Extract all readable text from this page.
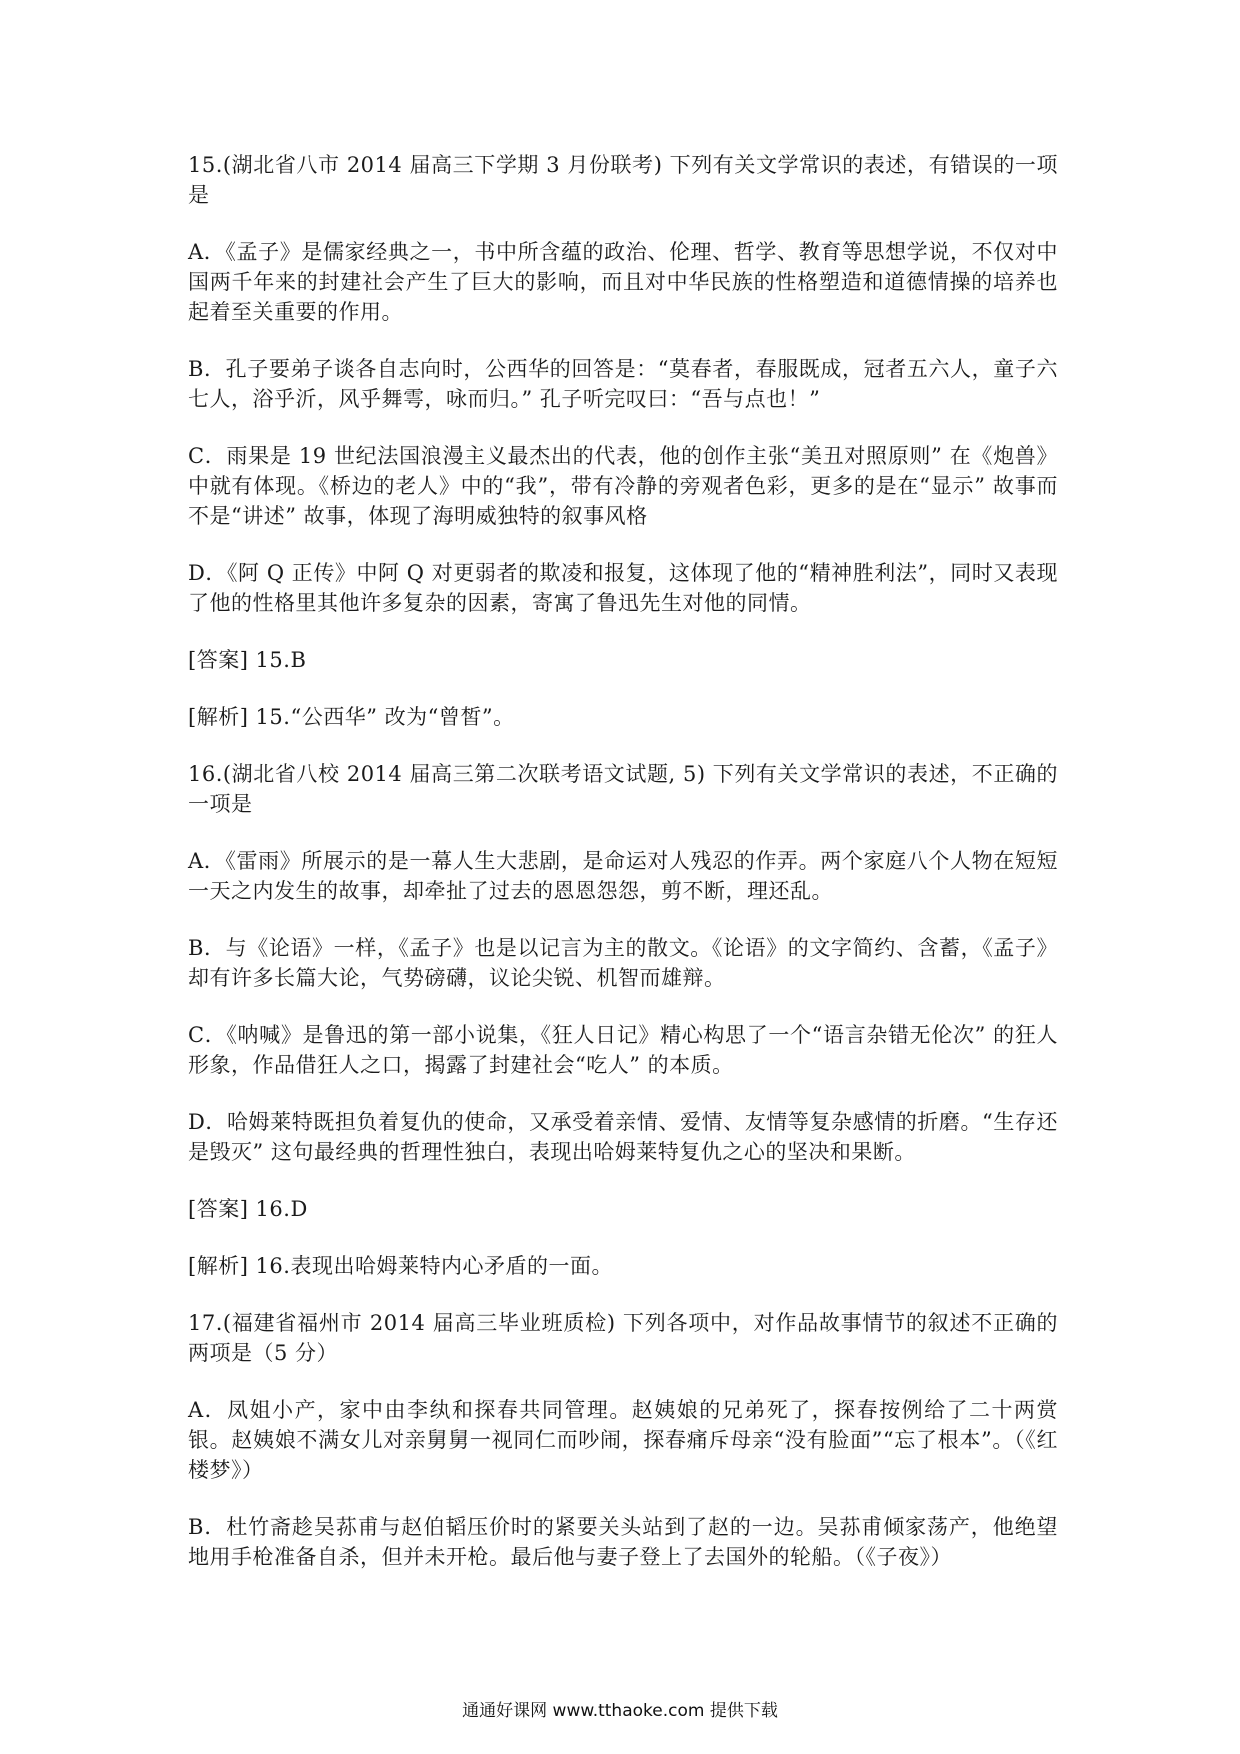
15.(湖北省八市 2014 届高三下学期 3 月份联考) 下列有关文学常识的表述，有错误的一项是

A．《孟子》是儒家经典之一，书中所含蕴的政治、伦理、哲学、教育等思想学说，不仅对中国两千年来的封建社会产生了巨大的影响，而且对中华民族的性格塑造和道德情操的培养也起着至关重要的作用。

B．孔子要弟子谈各自志向时，公西华的回答是：“莫春者，春服既成，冠者五六人，童子六七人，浴乎沂，风乎舞雩，咏而归。” 孔子听完叹曰：“吾与点也！”

C．雨果是 19 世纪法国浪漫主义最杰出的代表，他的创作主张“美丑对照原则” 在《炮兽》中就有体现。《桥边的老人》中的“我”，带有冷静的旁观者色彩，更多的是在“显示” 故事而不是“讲述” 故事，体现了海明威独特的叙事风格

D．《阿 Q 正传》中阿 Q 对更弱者的欺凌和报复，这体现了他的“精神胜利法”，同时又表现了他的性格里其他许多复杂的因素，寄寓了鲁迅先生对他的同情。

[答案] 15.B

[解析] 15.“公西华” 改为“曾皙”。

16.(湖北省八校 2014 届高三第二次联考语文试题, 5) 下列有关文学常识的表述，不正确的一项是

A．《雷雨》所展示的是一幕人生大悲剧，是命运对人残忍的作弄。两个家庭八个人物在短短一天之内发生的故事，却牵扯了过去的恩恩怨怨，剪不断，理还乱。

B．与《论语》一样，《孟子》也是以记言为主的散文。《论语》的文字简约、含蓄，《孟子》却有许多长篇大论，气势磅礴，议论尖锐、机智而雄辩。

C．《呐喊》是鲁迅的第一部小说集，《狂人日记》精心构思了一个“语言杂错无伦次” 的狂人形象，作品借狂人之口，揭露了封建社会“吃人” 的本质。

D．哈姆莱特既担负着复仇的使命，又承受着亲情、爱情、友情等复杂感情的折磨。“生存还是毁灭” 这句最经典的哲理性独白，表现出哈姆莱特复仇之心的坚决和果断。

[答案] 16.D

[解析] 16.表现出哈姆莱特内心矛盾的一面。

17.(福建省福州市 2014 届高三毕业班质检) 下列各项中，对作品故事情节的叙述不正确的两项是（5 分）

A．凤姐小产，家中由李纨和探春共同管理。赵姨娘的兄弟死了，探春按例给了二十两赏银。赵姨娘不满女儿对亲舅舅一视同仁而吵闹，探春痛斥母亲“没有脸面”“忘了根本”。（《红楼梦》）

B．杜竹斋趁吴荪甫与赵伯韬压价时的紧要关头站到了赵的一边。吴荪甫倾家荡产，他绝望地用手枪准备自杀，但并未开枪。最后他与妻子登上了去国外的轮船。（《子夜》）

通通好课网 www.tthaoke.com 提供下载
